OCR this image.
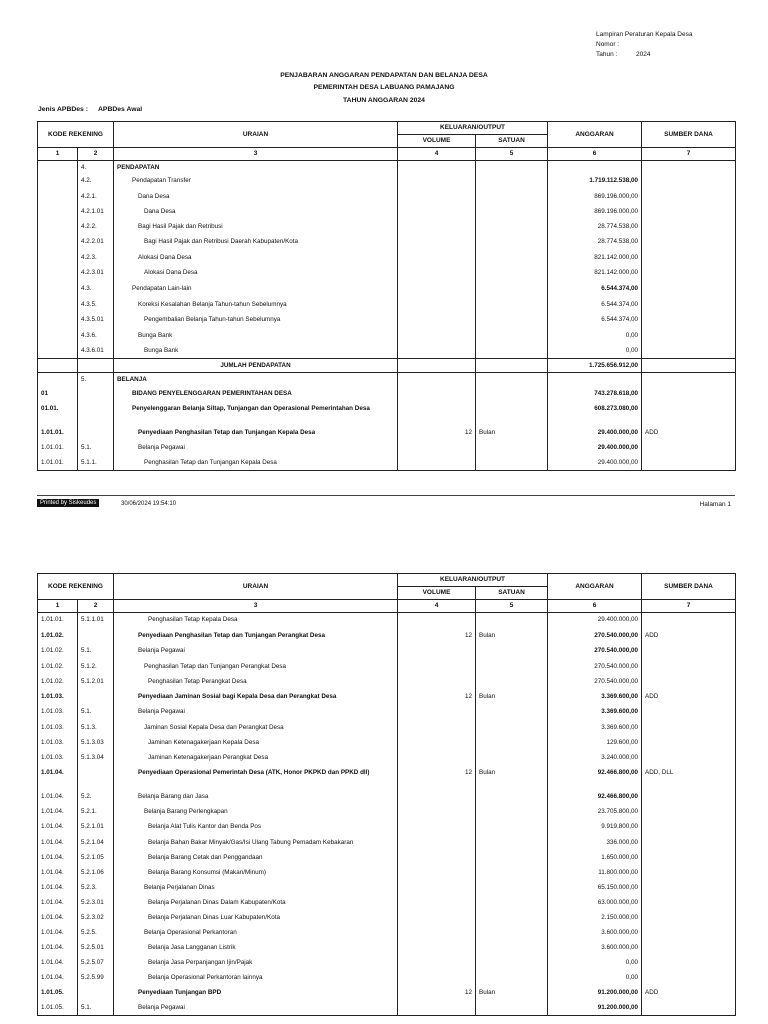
Lampiran Peraturan Kepala Desa
Nomor :
Tahun :	2024
PENJABARAN ANGGARAN PENDAPATAN DAN BELANJA DESA
PEMERINTAH DESA LABUANG PAMAJANG
TAHUN ANGGARAN 2024
Jenis APBDes : APBDes Awal
KODE REKENING		URAIAN	KELUARAN/OUTPUT		ANGGARAN	SUMBER DANA
			VOLUME	SATUAN		
1	2	3	4	5	6	7
	4.	PENDAPATAN				
	4.2.	Pendapatan Transfer			1.719.112.538,00	
	4.2.1.	Dana Desa			869.196.000,00	
	4.2.1.01	Dana Desa			869.196.000,00	
	4.2.2.	Bagi Hasil Pajak dan Retribusi			28.774.538,00	
	4.2.2.01	Bagi Hasil Pajak dan Retribusi Daerah Kabupaten/Kota			28.774.538,00	
	4.2.3.	Alokasi Dana Desa			821.142.000,00	
	4.2.3.01	Alokasi Dana Desa			821.142.000,00	
	4.3.	Pendapatan Lain-lain			6.544.374,00	
	4.3.5.	Koreksi Kesalahan Belanja Tahun-tahun Sebelumnya			6.544.374,00	
	4.3.5.01	Pengembalian Belanja Tahun-tahun Sebelumnya			6.544.374,00	
	4.3.6.	Bunga Bank			0,00	
	4.3.6.01	Bunga Bank			0,00	
		JUMLAH PENDAPATAN			1.725.656.912,00	
	5.	BELANJA				
01		BIDANG PENYELENGGARAN PEMERINTAHAN DESA			743.278.618,00	
01.01.		Penyelenggaran Belanja Siltap, Tunjangan dan Operasional Pemerintahan Desa			608.273.080,00	
1.01.01.		Penyediaan Penghasilan Tetap dan Tunjangan Kepala Desa	12	Bulan	29.400.000,00	ADD
1.01.01.	5.1.	Belanja Pegawai			29.400.000,00	
1.01.01.	5.1.1.	Penghasilan Tetap dan Tunjangan Kepala Desa			29.400.000,00	
Printed by Siskeudes	30/06/2024 19:54:10	Halaman 1
KODE REKENING		URAIAN	KELUARAN/OUTPUT		ANGGARAN	SUMBER DANA
			VOLUME	SATUAN		
1	2	3	4	5	6	7
1.01.01.	5.1.1.01	Penghasilan Tetap Kepala Desa			29.400.000,00	
1.01.02.		Penyediaan Penghasilan Tetap dan Tunjangan Perangkat Desa	12	Bulan	270.540.000,00	ADD
1.01.02.	5.1.	Belanja Pegawai			270.540.000,00	
1.01.02.	5.1.2.	Penghasilan Tetap dan Tunjangan Perangkat Desa			270.540.000,00	
1.01.02.	5.1.2.01	Penghasilan Tetap Perangkat Desa			270.540.000,00	
1.01.03.		Penyediaan Jaminan Sosial bagi Kepala Desa dan Perangkat Desa	12	Bulan	3.369.600,00	ADD
1.01.03.	5.1.	Belanja Pegawai			3.369.600,00	
1.01.03.	5.1.3.	Jaminan Sosial Kepala Desa dan Perangkat Desa			3.369.600,00	
1.01.03.	5.1.3.03	Jaminan Ketenagakerjaan Kepala Desa			129.600,00	
1.01.03.	5.1.3.04	Jaminan Ketenagakerjaan Perangkat Desa			3.240.000,00	
1.01.04.		Penyediaan Operasional Pemerintah Desa (ATK, Honor PKPKD dan PPKD dll)	12	Bulan	92.466.800,00	ADD, DLL
1.01.04.	5.2.	Belanja Barang dan Jasa			92.466.800,00	
1.01.04.	5.2.1.	Belanja Barang Perlengkapan			23.705.800,00	
1.01.04.	5.2.1.01	Belanja Alat Tulis Kantor dan Benda Pos			9.919.800,00	
1.01.04.	5.2.1.04	Belanja Bahan Bakar Minyak/Gas/Isi Ulang Tabung Pemadam Kebakaran			336.000,00	
1.01.04.	5.2.1.05	Belanja Barang Cetak dan Penggandaan			1.650.000,00	
1.01.04.	5.2.1.06	Belanja Barang Konsumsi (Makan/Minum)			11.800.000,00	
1.01.04.	5.2.3.	Belanja Perjalanan Dinas			65.150.000,00	
1.01.04.	5.2.3.01	Belanja Perjalanan Dinas Dalam Kabupaten/Kota			63.000.000,00	
1.01.04.	5.2.3.02	Belanja Perjalanan Dinas Luar Kabupaten/Kota			2.150.000,00	
1.01.04.	5.2.5.	Belanja Operasional Perkantoran			3.600.000,00	
1.01.04.	5.2.5.01	Belanja Jasa Langganan Listrik			3.600.000,00	
1.01.04.	5.2.5.07	Belanja Jasa Perpanjangan Ijin/Pajak			0,00	
1.01.04.	5.2.5.99	Belanja Operasional Perkantoran lainnya			0,00	
1.01.05.		Penyediaan Tunjangan BPD	12	Bulan	91.200.000,00	ADD
1.01.05.	5.1.	Belanja Pegawai			91.200.000,00	
